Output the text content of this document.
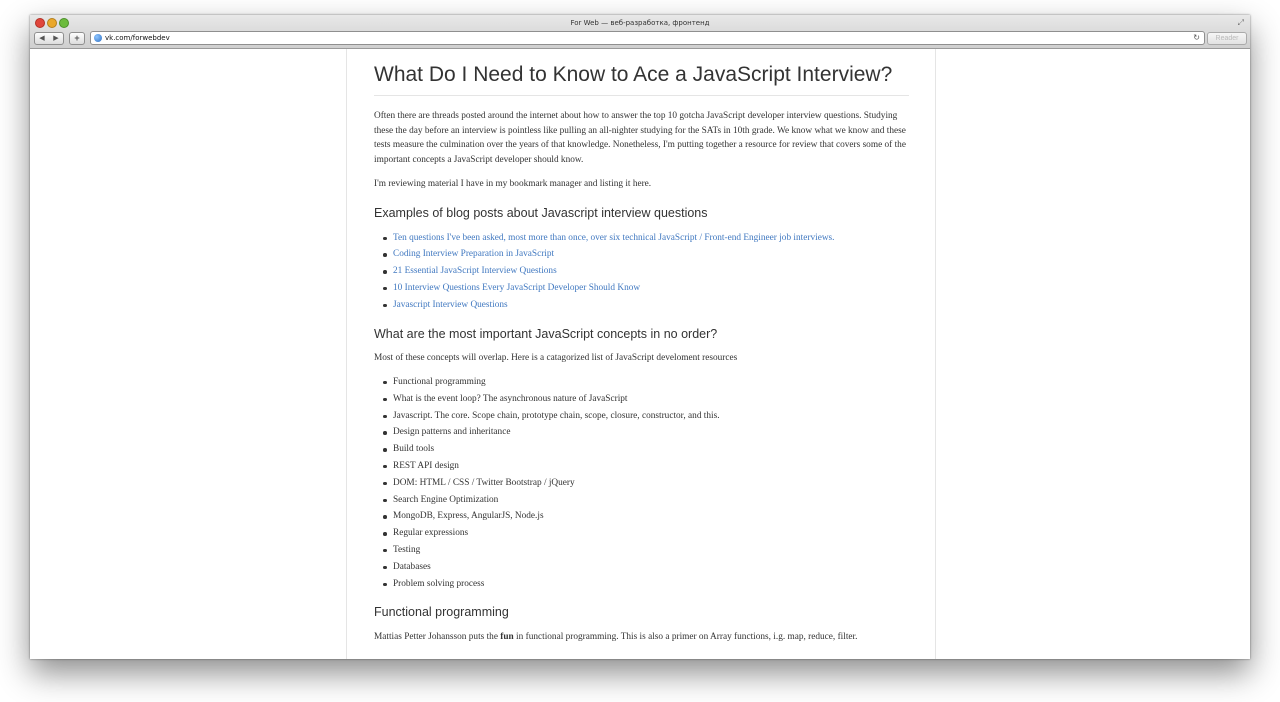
For Web — веб-разработка, фронтенд	⤢
◀	▶	+	vk.com/forwebdev	↻	Reader
What Do I Need to Know to Ace a JavaScript Interview?

Often there are threads posted around the internet about how to answer the top 10 gotcha JavaScript developer interview questions. Studying these the day before an interview is pointless like pulling an all-nighter studying for the SATs in 10th grade. We know what we know and these tests measure the culmination over the years of that knowledge. Nonetheless, I'm putting together a resource for review that covers some of the important concepts a JavaScript developer should know.

I'm reviewing material I have in my bookmark manager and listing it here.

Examples of blog posts about Javascript interview questions
Ten questions I've been asked, most more than once, over six technical JavaScript / Front-end Engineer job interviews.
Coding Interview Preparation in JavaScript
21 Essential JavaScript Interview Questions
10 Interview Questions Every JavaScript Developer Should Know
Javascript Interview Questions
What are the most important JavaScript concepts in no order?

Most of these concepts will overlap. Here is a catagorized list of JavaScript develoment resources

Functional programming
What is the event loop? The asynchronous nature of JavaScript
Javascript. The core. Scope chain, prototype chain, scope, closure, constructor, and this.
Design patterns and inheritance
Build tools
REST API design
DOM: HTML / CSS / Twitter Bootstrap / jQuery
Search Engine Optimization
MongoDB, Express, AngularJS, Node.js
Regular expressions
Testing
Databases
Problem solving process
Functional programming

Mattias Petter Johansson puts the fun in functional programming. This is also a primer on Array functions, i.g. map, reduce, filter.
